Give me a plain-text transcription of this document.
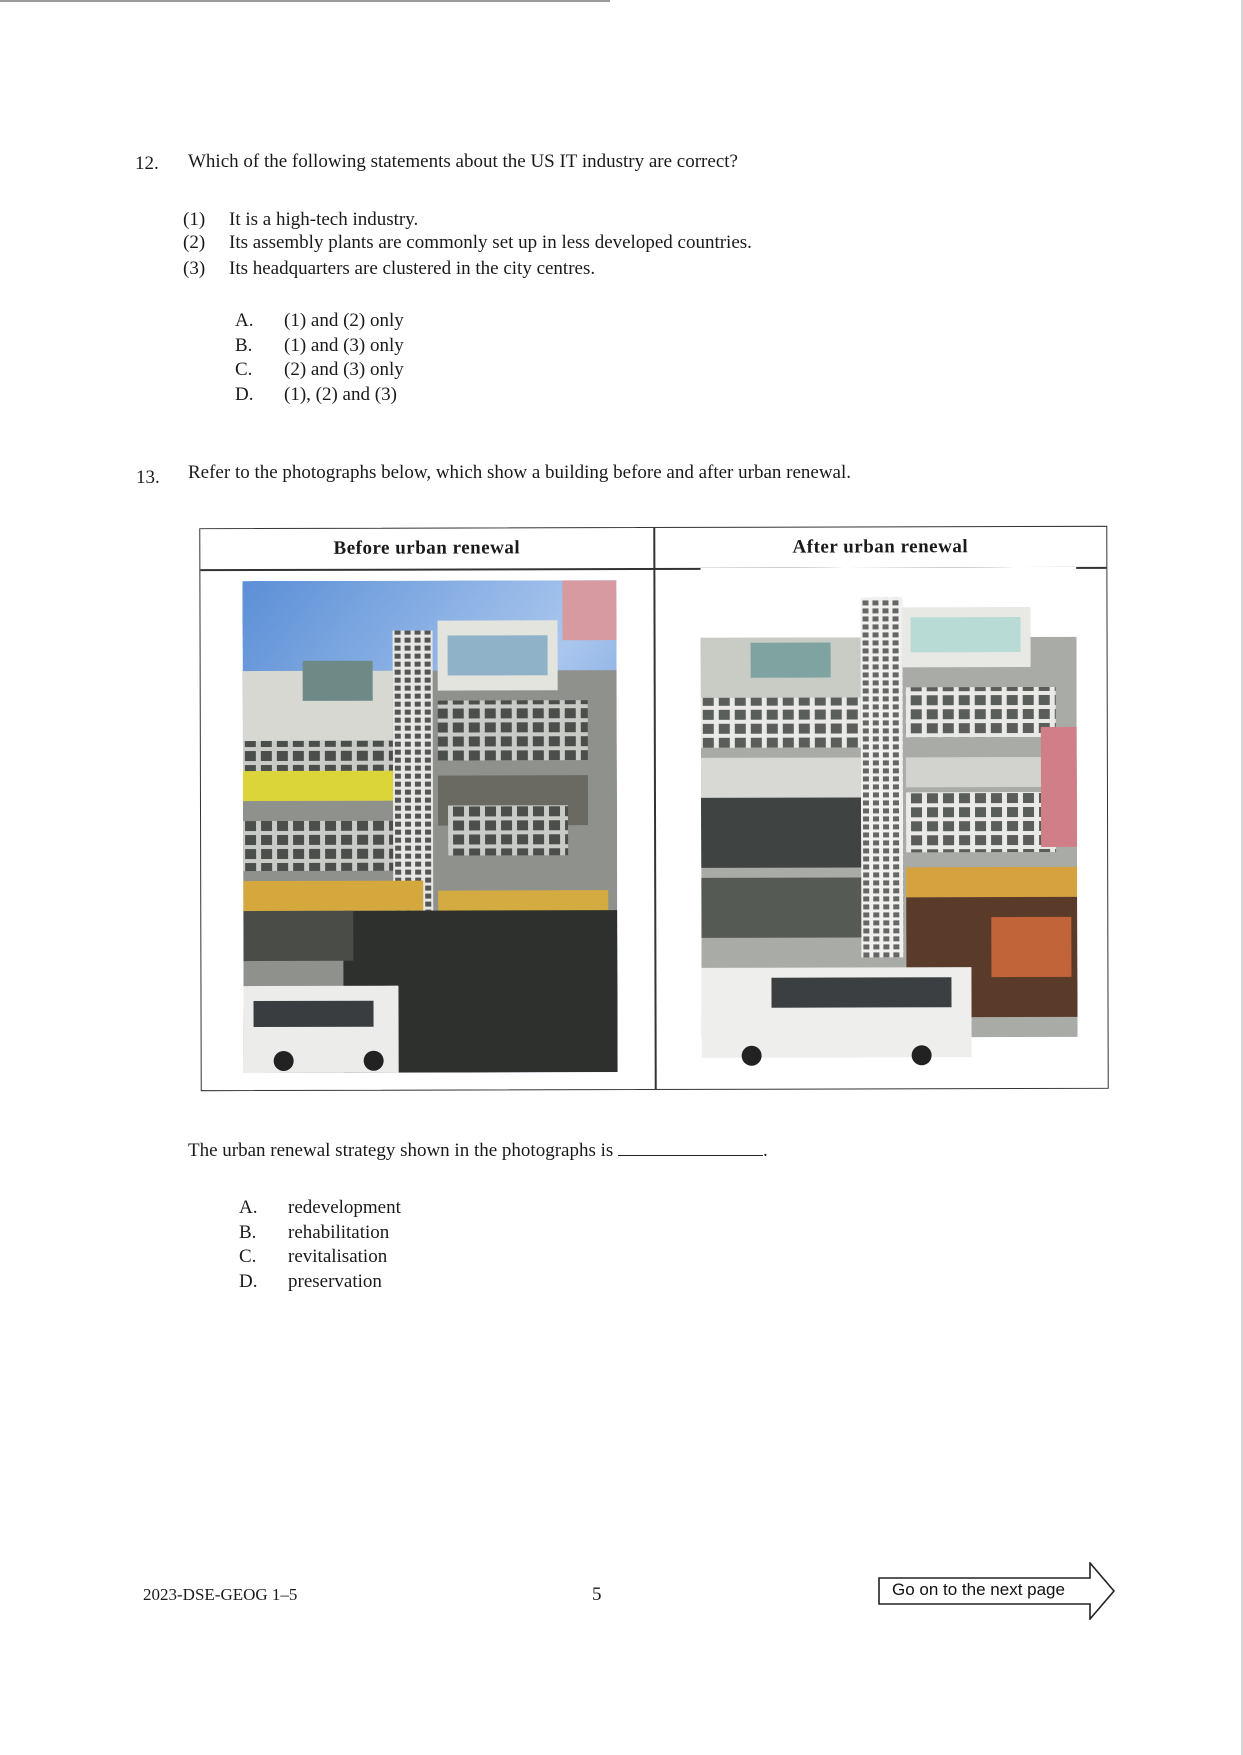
12. Which of the following statements about the US IT industry are correct?
(1) It is a high-tech industry.
(2) Its assembly plants are commonly set up in less developed countries.
(3) Its headquarters are clustered in the city centres.
A. (1) and (2) only
B. (1) and (3) only
C. (2) and (3) only
D. (1), (2) and (3)
13. Refer to the photographs below, which show a building before and after urban renewal.
Before urban renewal	After urban renewal
The urban renewal strategy shown in the photographs is	.
A. redevelopment
B. rehabilitation
C. revitalisation
D. preservation
2023-DSE-GEOG 1–5	5	Go on to the next page
